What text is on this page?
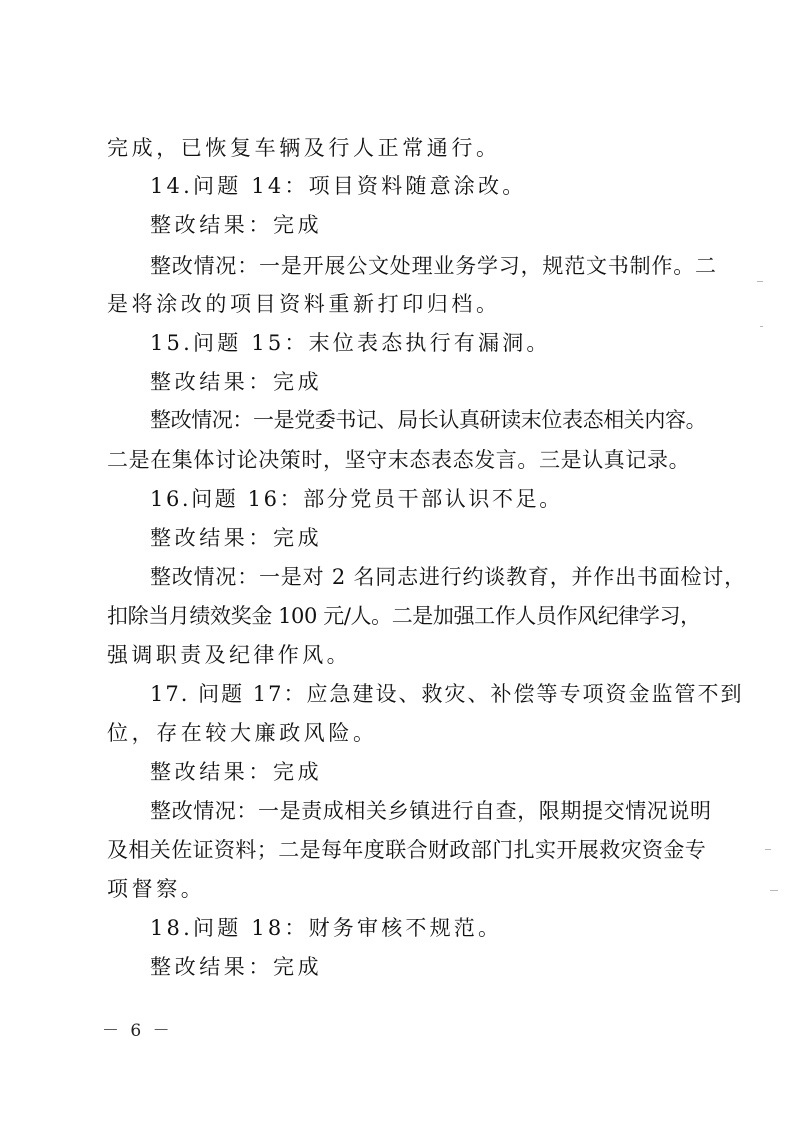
完成，已恢复车辆及行人正常通行。
14.问题 14：项目资料随意涂改。
整改结果：完成
整改情况：一是开展公文处理业务学习，规范文书制作。二
是将涂改的项目资料重新打印归档。
15.问题 15：末位表态执行有漏洞。
整改结果：完成
整改情况：一是党委书记、局长认真研读末位表态相关内容。
二是在集体讨论决策时，坚守末态表态发言。三是认真记录。
16.问题 16：部分党员干部认识不足。
整改结果：完成
整改情况：一是对 2 名同志进行约谈教育，并作出书面检讨，
扣除当月绩效奖金 100 元/人。二是加强工作人员作风纪律学习，
强调职责及纪律作风。
17. 问题 17：应急建设、救灾、补偿等专项资金监管不到
位，存在较大廉政风险。
整改结果：完成
整改情况：一是责成相关乡镇进行自查，限期提交情况说明
及相关佐证资料；二是每年度联合财政部门扎实开展救灾资金专
项督察。
18.问题 18：财务审核不规范。
整改结果：完成
－ 6 －
